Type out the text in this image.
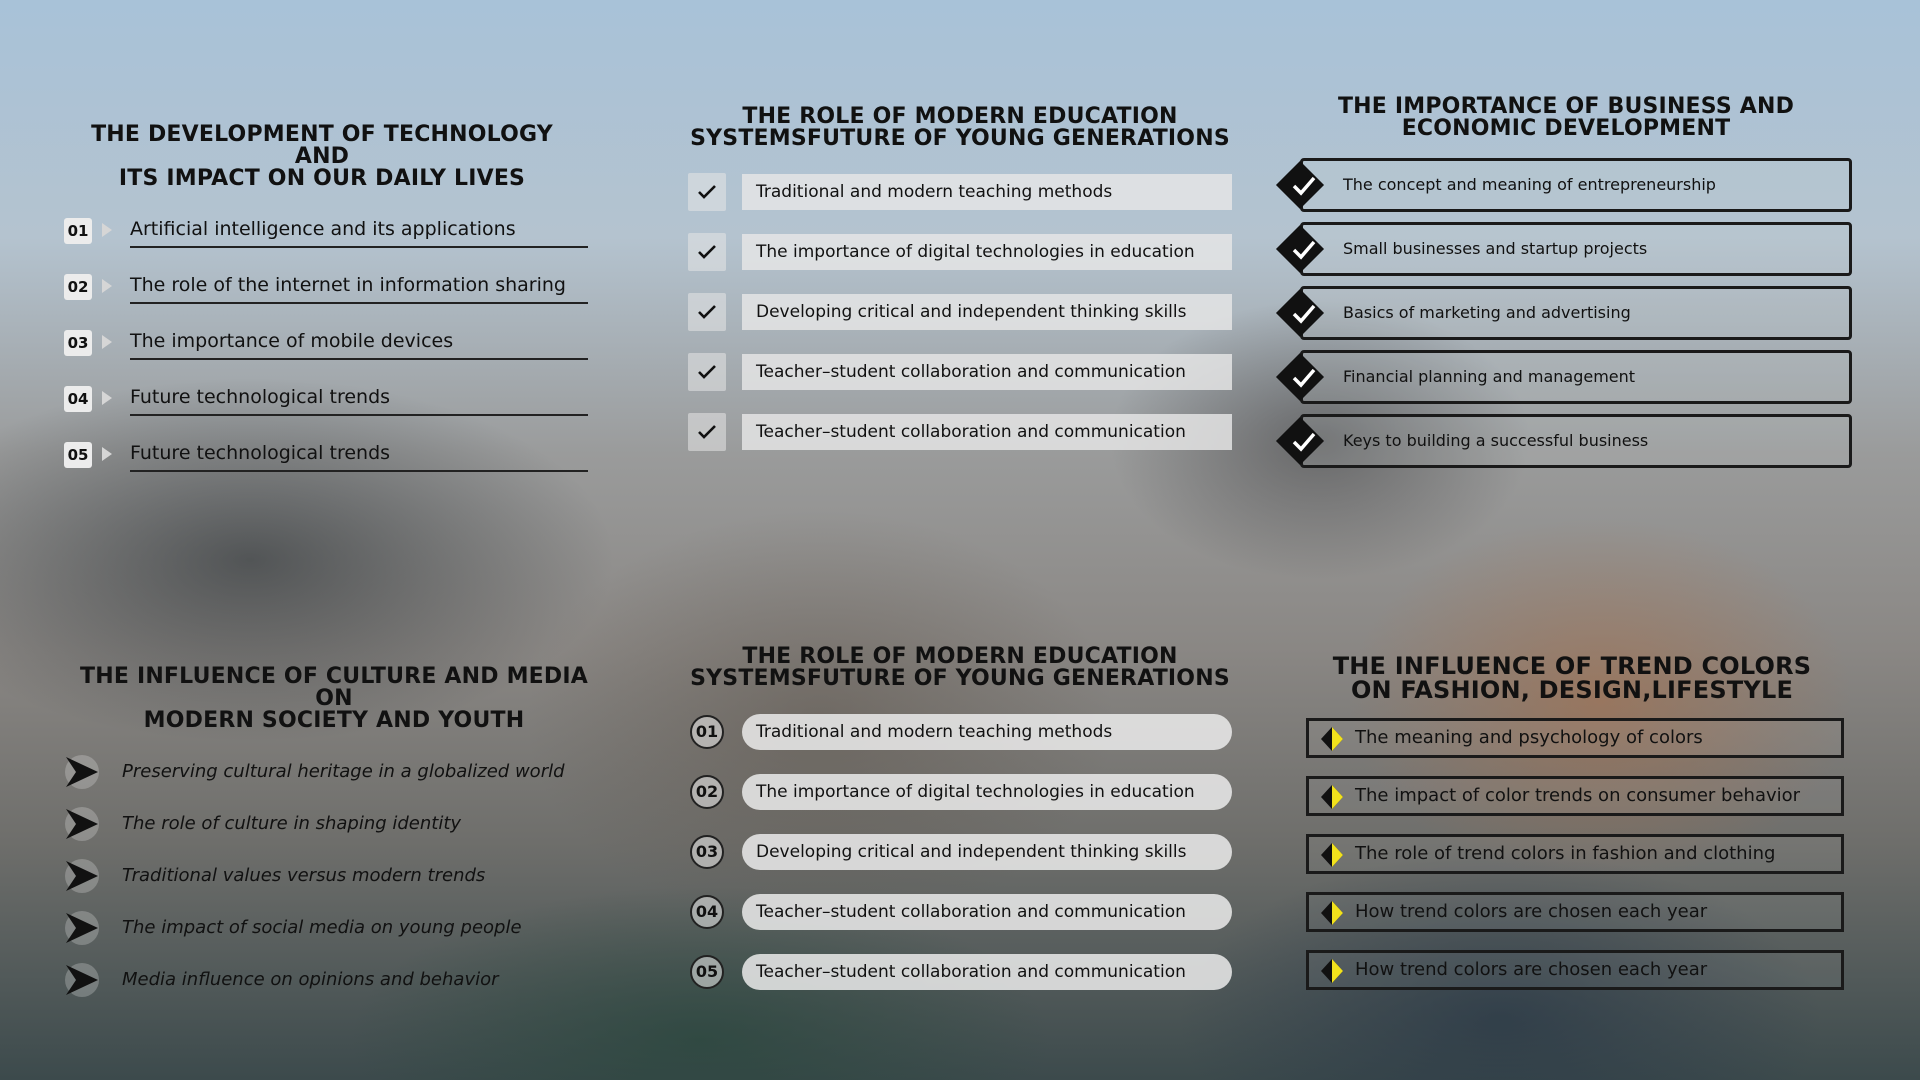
THE DEVELOPMENT OF TECHNOLOGY AND
ITS IMPACT ON OUR DAILY LIVES
01 Artificial intelligence and its applications
02 The role of the internet in information sharing
03 The importance of mobile devices
04 Future technological trends
05 Future technological trends
THE ROLE OF MODERN EDUCATION
SYSTEMSFUTURE OF YOUNG GENERATIONS
Traditional and modern teaching methods
The importance of digital technologies in education
Developing critical and independent thinking skills
Teacher–student collaboration and communication
Teacher–student collaboration and communication
THE IMPORTANCE OF BUSINESS AND
ECONOMIC DEVELOPMENT
The concept and meaning of entrepreneurship
Small businesses and startup projects
Basics of marketing and advertising
Financial planning and management
Keys to building a successful business
THE INFLUENCE OF CULTURE AND MEDIA ON
MODERN SOCIETY AND YOUTH
Preserving cultural heritage in a globalized world
The role of culture in shaping identity
Traditional values versus modern trends
The impact of social media on young people
Media influence on opinions and behavior
THE ROLE OF MODERN EDUCATION
SYSTEMSFUTURE OF YOUNG GENERATIONS
01	Traditional and modern teaching methods
02	The importance of digital technologies in education
03	Developing critical and independent thinking skills
04	Teacher–student collaboration and communication
05	Teacher–student collaboration and communication
THE INFLUENCE OF TREND COLORS
ON FASHION, DESIGN,LIFESTYLE
The meaning and psychology of colors
The impact of color trends on consumer behavior
The role of trend colors in fashion and clothing
How trend colors are chosen each year
How trend colors are chosen each year
